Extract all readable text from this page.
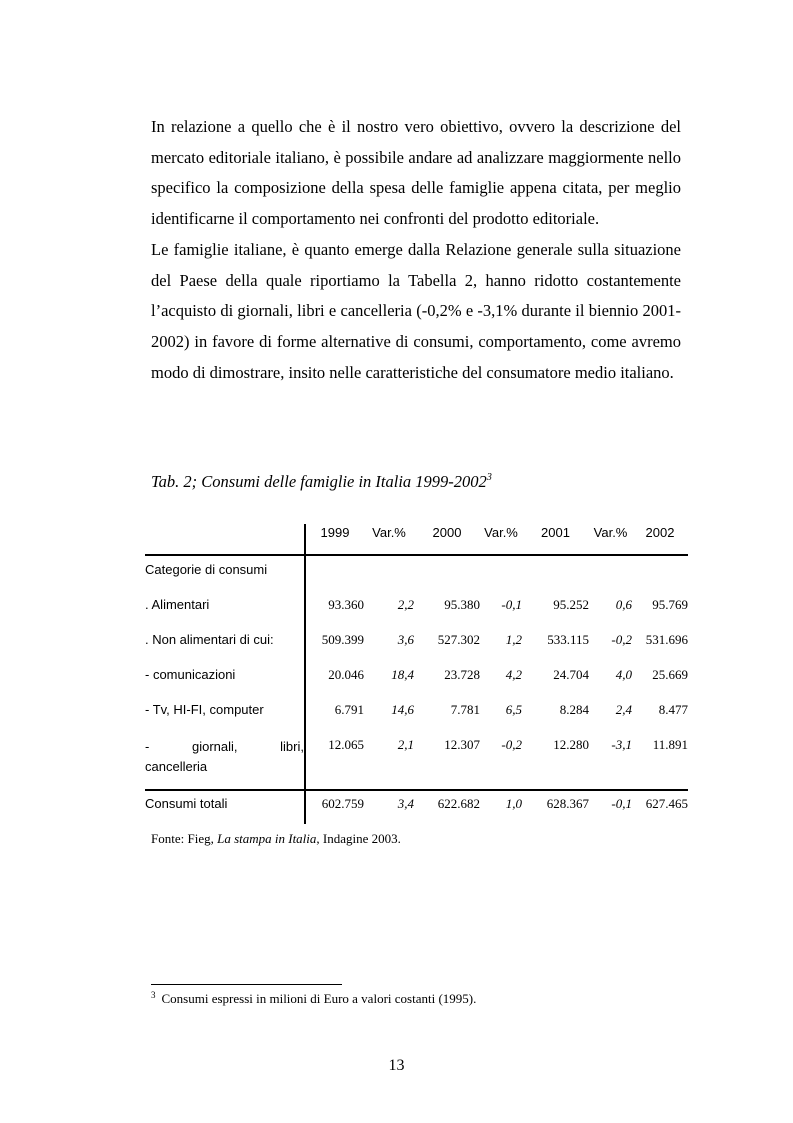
In relazione a quello che è il nostro vero obiettivo, ovvero la descrizione del mercato editoriale italiano, è possibile andare ad analizzare maggiormente nello specifico la composizione della spesa delle famiglie appena citata, per meglio identificarne il comportamento nei confronti del prodotto editoriale.

Le famiglie italiane, è quanto emerge dalla Relazione generale sulla situazione del Paese della quale riportiamo la Tabella 2, hanno ridotto costantemente l’acquisto di giornali, libri e cancelleria (-0,2% e -3,1% durante il biennio 2001-2002) in favore di forme alternative di consumi, comportamento, come avremo modo di dimostrare, insito nelle caratteristiche del consumatore medio italiano.

Tab. 2; Consumi delle famiglie in Italia 1999-2002$^3$
	1999	Var.%	2000	Var.%	2001	Var.%	2002
Categorie di consumi							
. Alimentari	93.360	2,2	95.380	-0,1	95.252	0,6	95.769
. Non alimentari di cui:	509.399	3,6	527.302	1,2	533.115	-0,2	531.696
- comunicazioni	20.046	18,4	23.728	4,2	24.704	4,0	25.669
- Tv, HI-FI, computer	6.791	14,6	7.781	6,5	8.284	2,4	8.477

- giornali, libri,
cancelleria	12.065	2,1	12.307	-0,2	12.280	-3,1	11.891
Consumi totali	602.759	3,4	622.682	1,0	628.367	-0,1	627.465
Fonte: Fieg, La stampa in Italia, Indagine 2003.
$^3$ Consumi espressi in milioni di Euro a valori costanti (1995).
13
